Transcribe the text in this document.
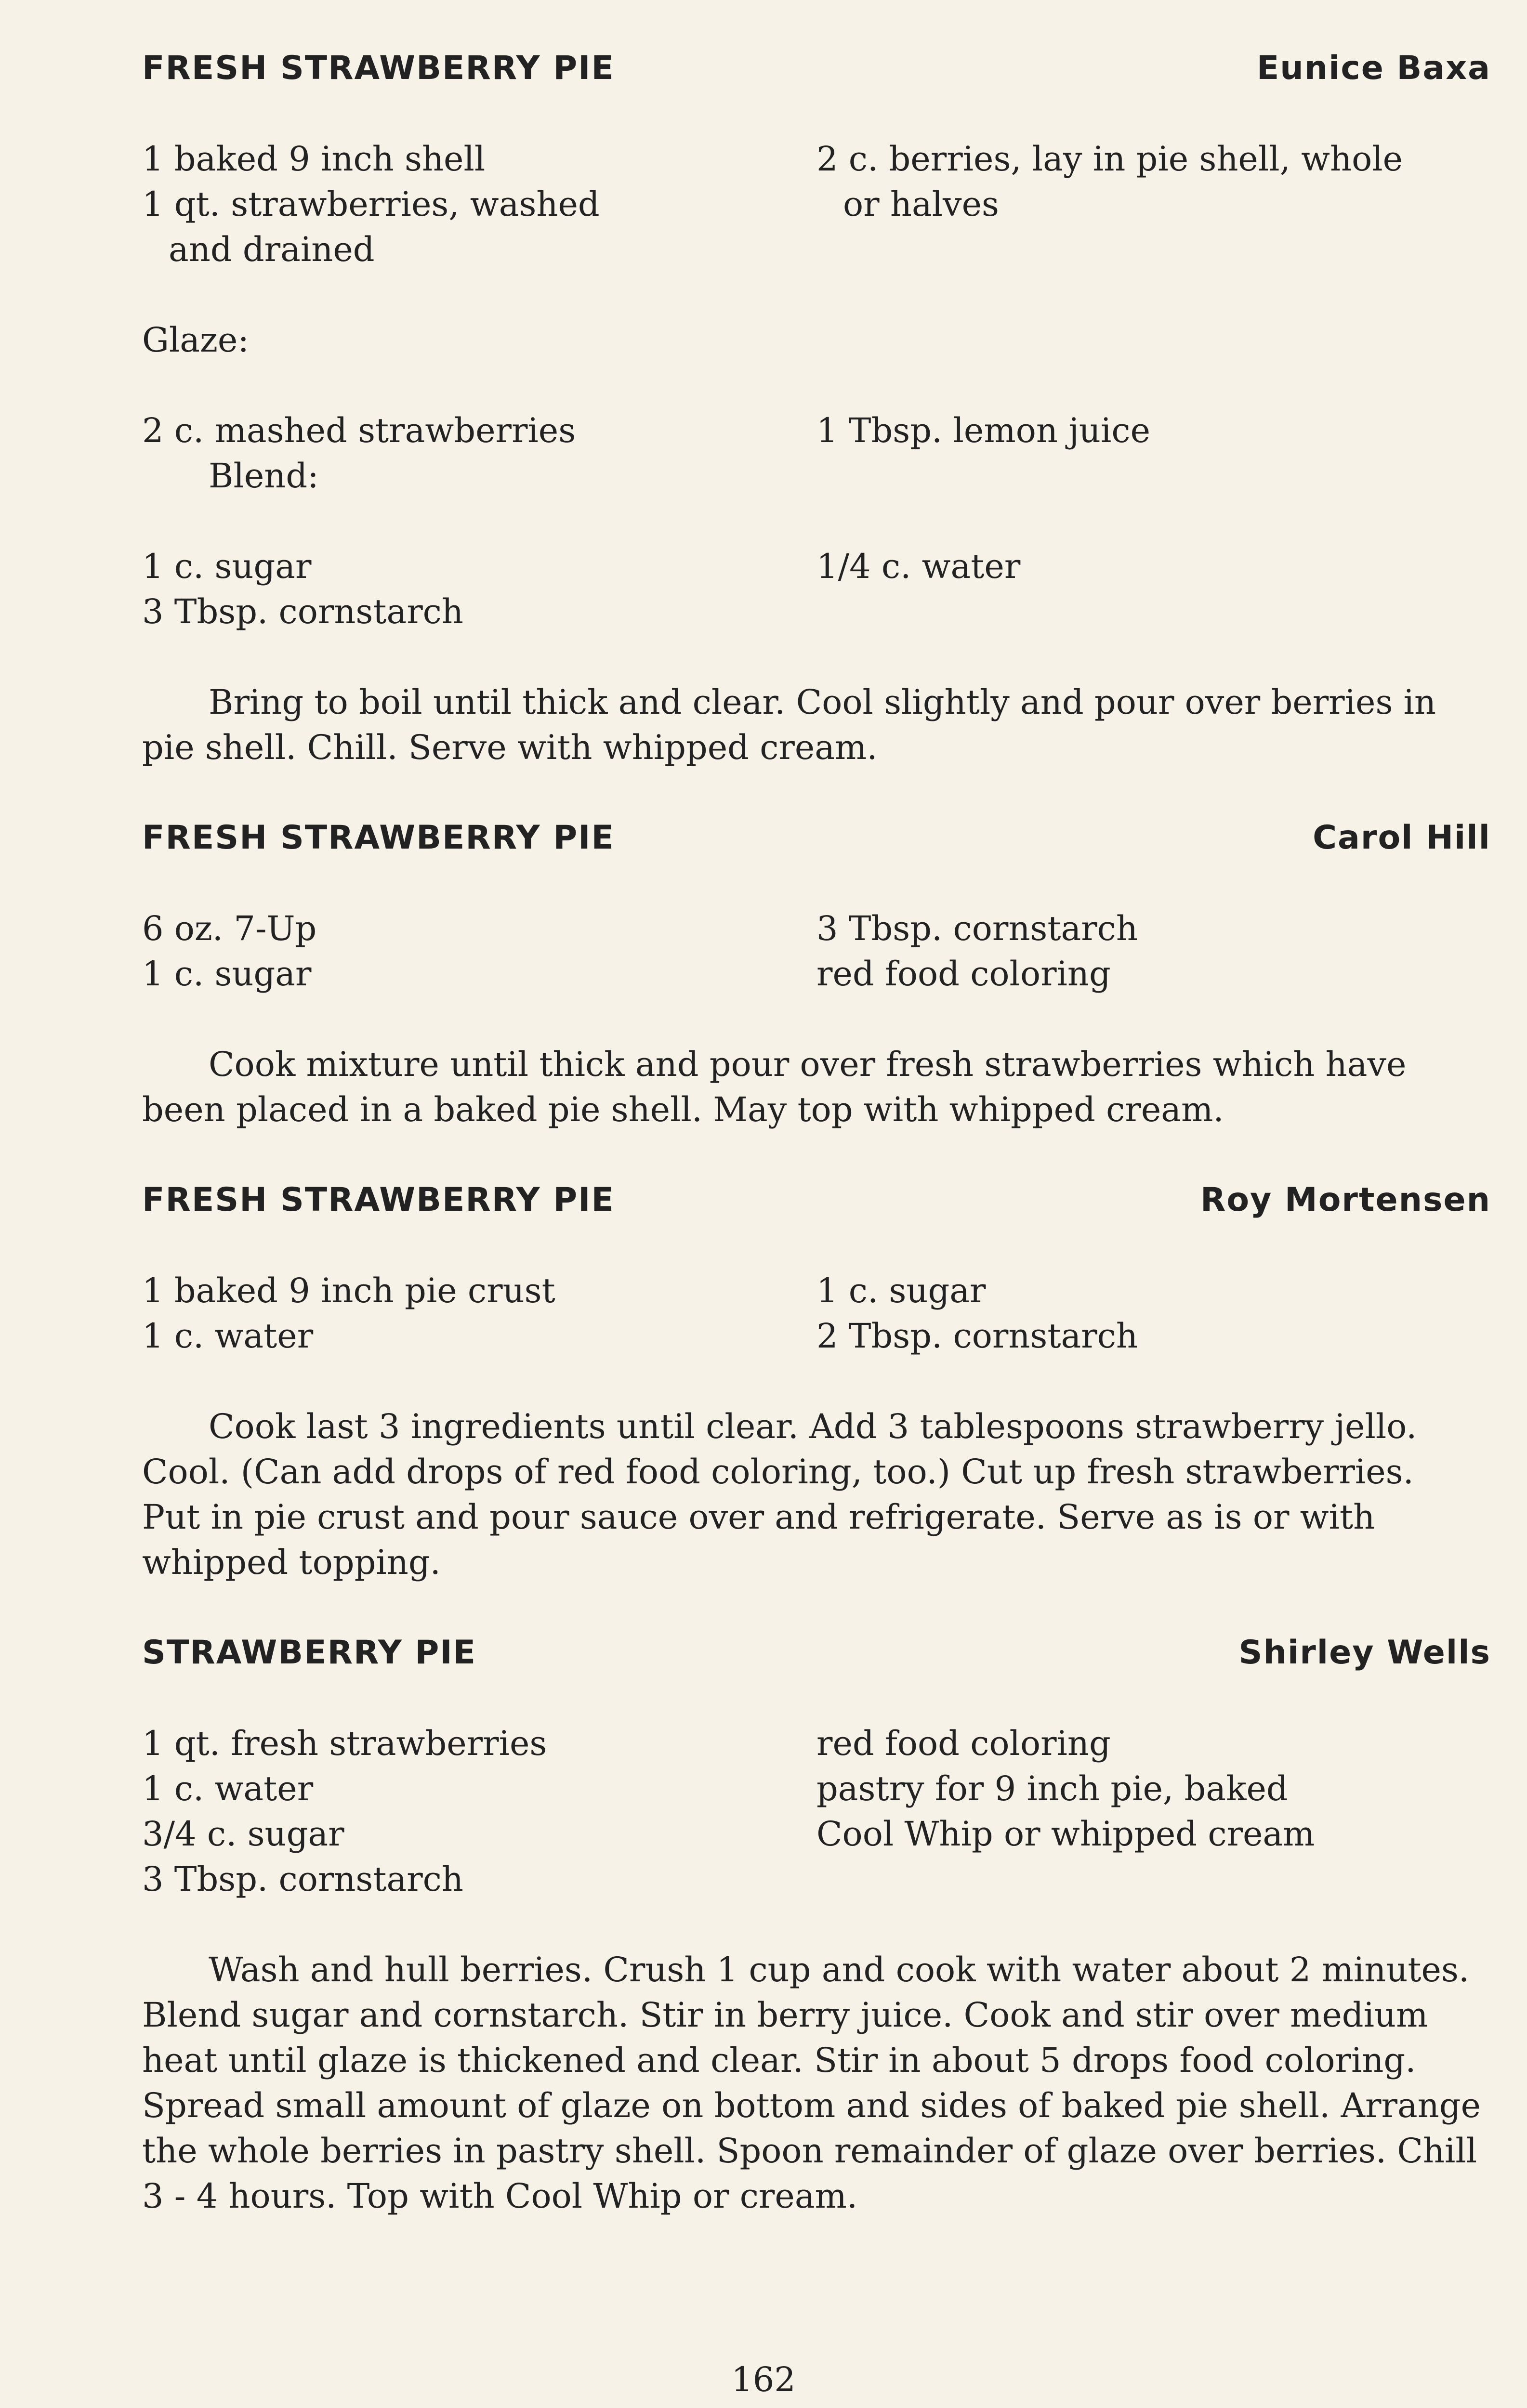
FRESH STRAWBERRY PIE	Eunice Baxa
1 baked 9 inch shell	2 c. berries, lay in pie shell, whole
1 qt. strawberries, washed	or halves
and drained
Glaze:
2 c. mashed strawberries	1 Tbsp. lemon juice
Blend:
1 c. sugar	1/4 c. water
3 Tbsp. cornstarch

Bring to boil until thick and clear. Cool slightly and pour over berries in pie shell. Chill. Serve with whipped cream.

FRESH STRAWBERRY PIE	Carol Hill
6 oz. 7-Up	3 Tbsp. cornstarch
1 c. sugar	red food coloring

Cook mixture until thick and pour over fresh strawberries which have been placed in a baked pie shell. May top with whipped cream.

FRESH STRAWBERRY PIE	Roy Mortensen
1 baked 9 inch pie crust	1 c. sugar
1 c. water	2 Tbsp. cornstarch

Cook last 3 ingredients until clear. Add 3 tablespoons strawberry jello. Cool. (Can add drops of red food coloring, too.) Cut up fresh strawberries. Put in pie crust and pour sauce over and refrigerate. Serve as is or with whipped topping.

STRAWBERRY PIE	Shirley Wells
1 qt. fresh strawberries	red food coloring
1 c. water	pastry for 9 inch pie, baked
3/4 c. sugar	Cool Whip or whipped cream
3 Tbsp. cornstarch

Wash and hull berries. Crush 1 cup and cook with water about 2 minutes. Blend sugar and cornstarch. Stir in berry juice. Cook and stir over medium heat until glaze is thickened and clear. Stir in about 5 drops food coloring. Spread small amount of glaze on bottom and sides of baked pie shell. Arrange the whole berries in pastry shell. Spoon remainder of glaze over berries. Chill 3 - 4 hours. Top with Cool Whip or cream.

162
